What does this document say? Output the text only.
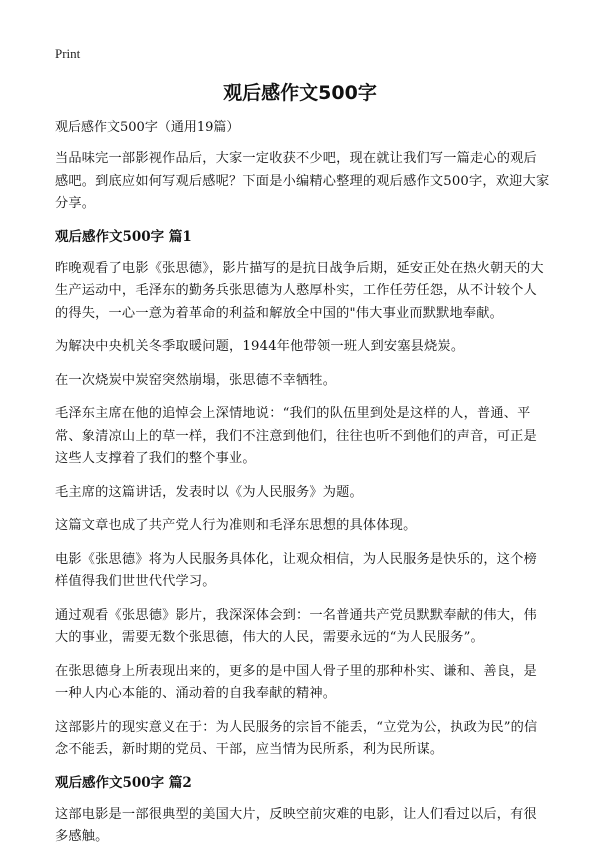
Print
观后感作文500字
观后感作文500字（通用19篇）

当品味完一部影视作品后，大家一定收获不少吧，现在就让我们写一篇走心的观后感吧。到底应如何写观后感呢？下面是小编精心整理的观后感作文500字，欢迎大家分享。

观后感作文500字 篇1

昨晚观看了电影《张思德》，影片描写的是抗日战争后期，延安正处在热火朝天的大生产运动中，毛泽东的勤务兵张思德为人憨厚朴实，工作任劳任怨，从不计较个人的得失，一心一意为着革命的利益和解放全中国的"伟大事业而默默地奉献。

为解决中央机关冬季取暖问题，1944年他带领一班人到安塞县烧炭。

在一次烧炭中炭窑突然崩塌，张思德不幸牺牲。

毛泽东主席在他的追悼会上深情地说：“我们的队伍里到处是这样的人，普通、平常、象清凉山上的草一样，我们不注意到他们，往往也听不到他们的声音，可正是这些人支撑着了我们的整个事业。

毛主席的这篇讲话，发表时以《为人民服务》为题。

这篇文章也成了共产党人行为准则和毛泽东思想的具体体现。

电影《张思德》将为人民服务具体化，让观众相信，为人民服务是快乐的，这个榜样值得我们世世代代学习。

通过观看《张思德》影片，我深深体会到：一名普通共产党员默默奉献的伟大，伟大的事业，需要无数个张思德，伟大的人民，需要永远的“为人民服务”。

在张思德身上所表现出来的，更多的是中国人骨子里的那种朴实、谦和、善良，是一种人内心本能的、涌动着的自我奉献的精神。

这部影片的现实意义在于：为人民服务的宗旨不能丢，“立党为公，执政为民”的信念不能丢，新时期的党员、干部，应当情为民所系，利为民所谋。

观后感作文500字 篇2

这部电影是一部很典型的美国大片，反映空前灾难的电影，让人们看过以后，有很多感触。
